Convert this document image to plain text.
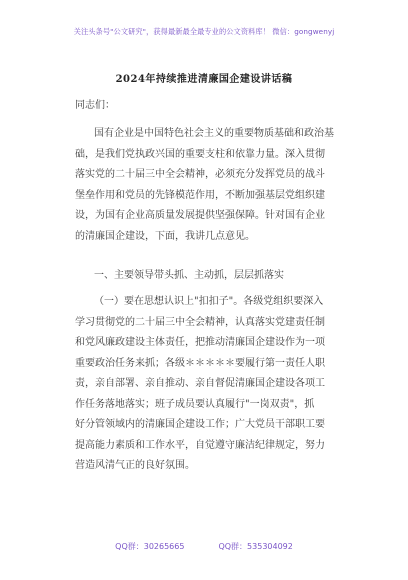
关注头条号"公文研究"，获得最新最全最专业的公文资料库！ 微信：gongwenyj
2024年持续推进清廉国企建设讲话稿
同志们：
国有企业是中国特色社会主义的重要物质基础和政治基
础，是我们党执政兴国的重要支柱和依靠力量。深入贯彻
落实党的二十届三中全会精神，必须充分发挥党员的战斗
堡垒作用和党员的先锋模范作用，不断加强基层党组织建
设，为国有企业高质量发展提供坚强保障。针对国有企业
的清廉国企建设，下面，我讲几点意见。
一、主要领导带头抓、主动抓，层层抓落实
（一）要在思想认识上"扣扣子"。各级党组织要深入
学习贯彻党的二十届三中全会精神，认真落实党建责任制
和党风廉政建设主体责任，把推动清廉国企建设作为一项
重要政治任务来抓；各级＊＊＊＊＊要履行第一责任人职
责，亲自部署、亲自推动、亲自督促清廉国企建设各项工
作任务落地落实；班子成员要认真履行"一岗双责"，抓
好分管领域内的清廉国企建设工作；广大党员干部职工要
提高能力素质和工作水平，自觉遵守廉洁纪律规定，努力
营造风清气正的良好氛围。
QQ群：30265665	QQ群：535304092
